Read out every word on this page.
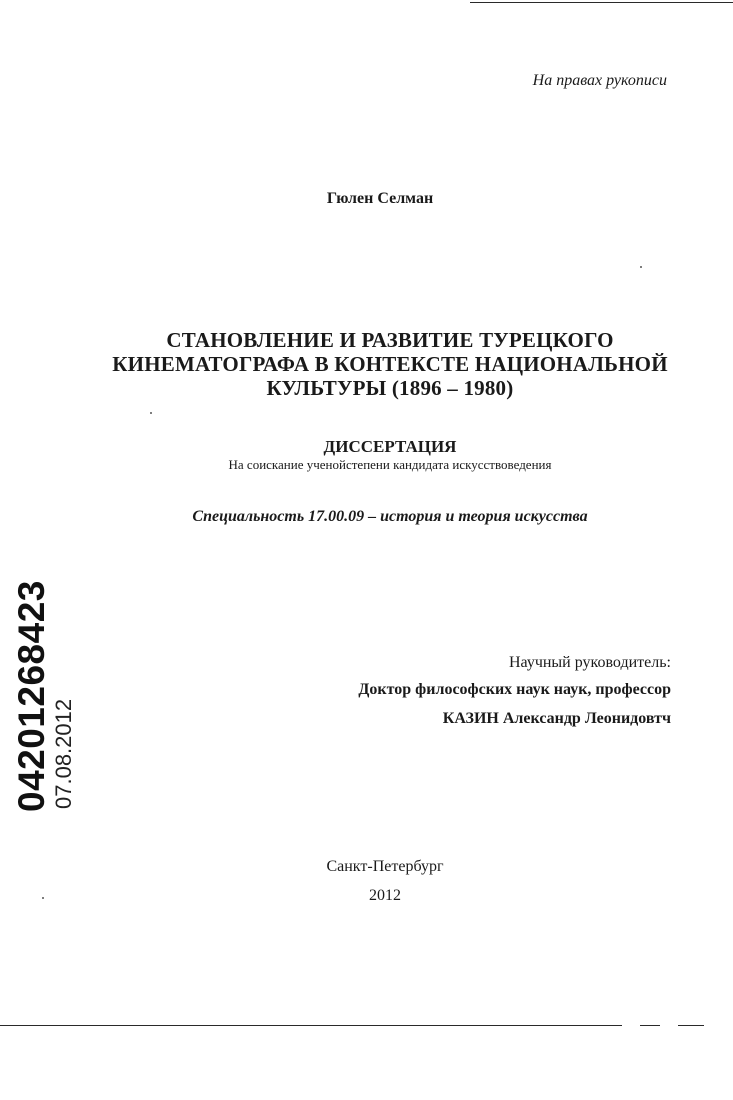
На правах рукописи
Гюлен Селман
СТАНОВЛЕНИЕ И РАЗВИТИЕ ТУРЕЦКОГО
КИНЕМАТОГРАФА В КОНТЕКСТЕ НАЦИОНАЛЬНОЙ
КУЛЬТУРЫ (1896 – 1980)
ДИССЕРТАЦИЯ
На соискание ученойстепени кандидата искусствоведения
Специальность 17.00.09 – история и теория искусства
Научный руководитель:
Доктор философских наук наук, профессор
КАЗИН Александр Леонидовтч
Санкт-Петербург
2012
04201268423 07.08.2012
